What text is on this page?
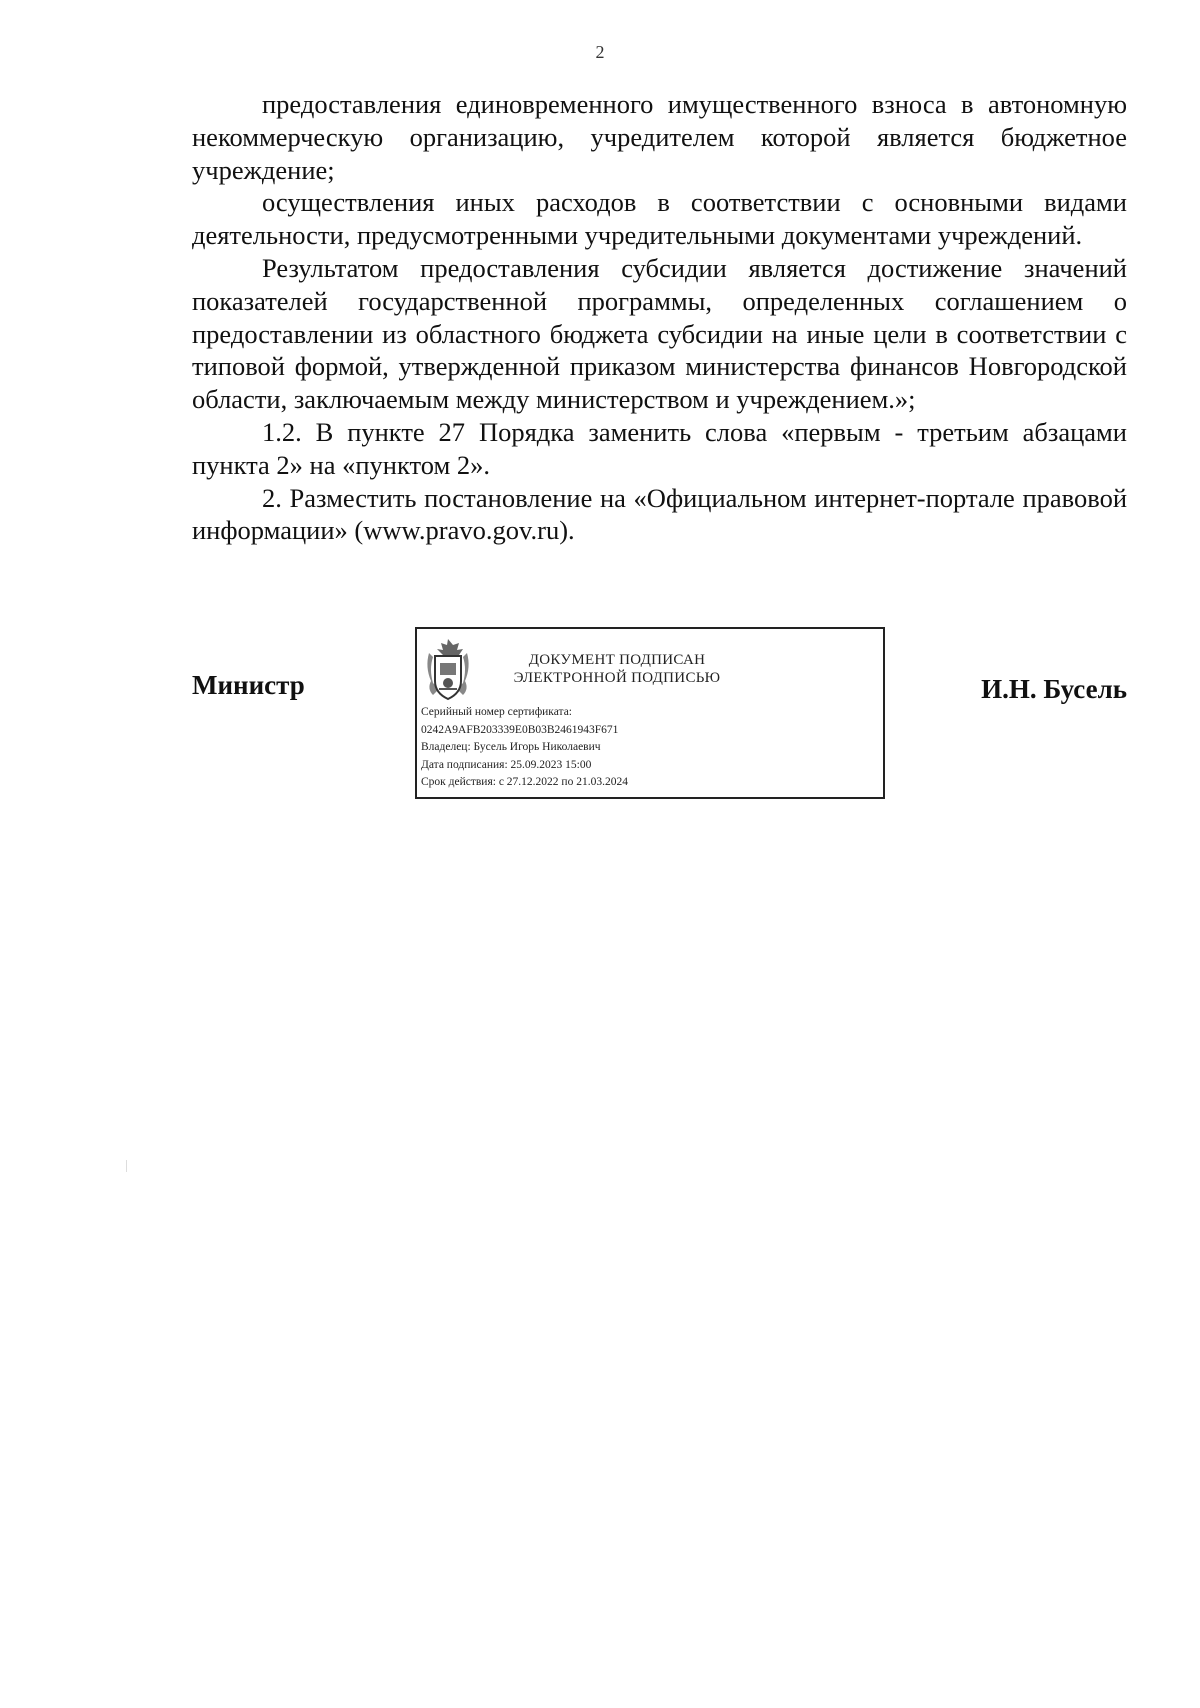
2

предоставления единовременного имущественного взноса в автономную некоммерческую организацию, учредителем которой является бюджетное учреждение;

осуществления иных расходов в соответствии с основными видами деятельности, предусмотренными учредительными документами учреждений.

Результатом предоставления субсидии является достижение значений показателей государственной программы, определенных соглашением о предоставлении из областного бюджета субсидии на иные цели в соответствии с типовой формой, утвержденной приказом министерства финансов Новгородской области, заключаемым между министерством и учреждением.»;

1.2. В пункте 27 Порядка заменить слова «первым - третьим абзацами пункта 2» на «пунктом 2».

2. Разместить постановление на «Официальном интернет-портале правовой информации» (www.pravo.gov.ru).

Министр
ДОКУМЕНТ ПОДПИСАН
ЭЛЕКТРОННОЙ ПОДПИСЬЮ
Серийный номер сертификата:
0242A9AFB203339E0B03B2461943F671
Владелец: Бусель Игорь Николаевич
Дата подписания: 25.09.2023 15:00
Срок действия: с 27.12.2022 по 21.03.2024
И.Н. Бусель
